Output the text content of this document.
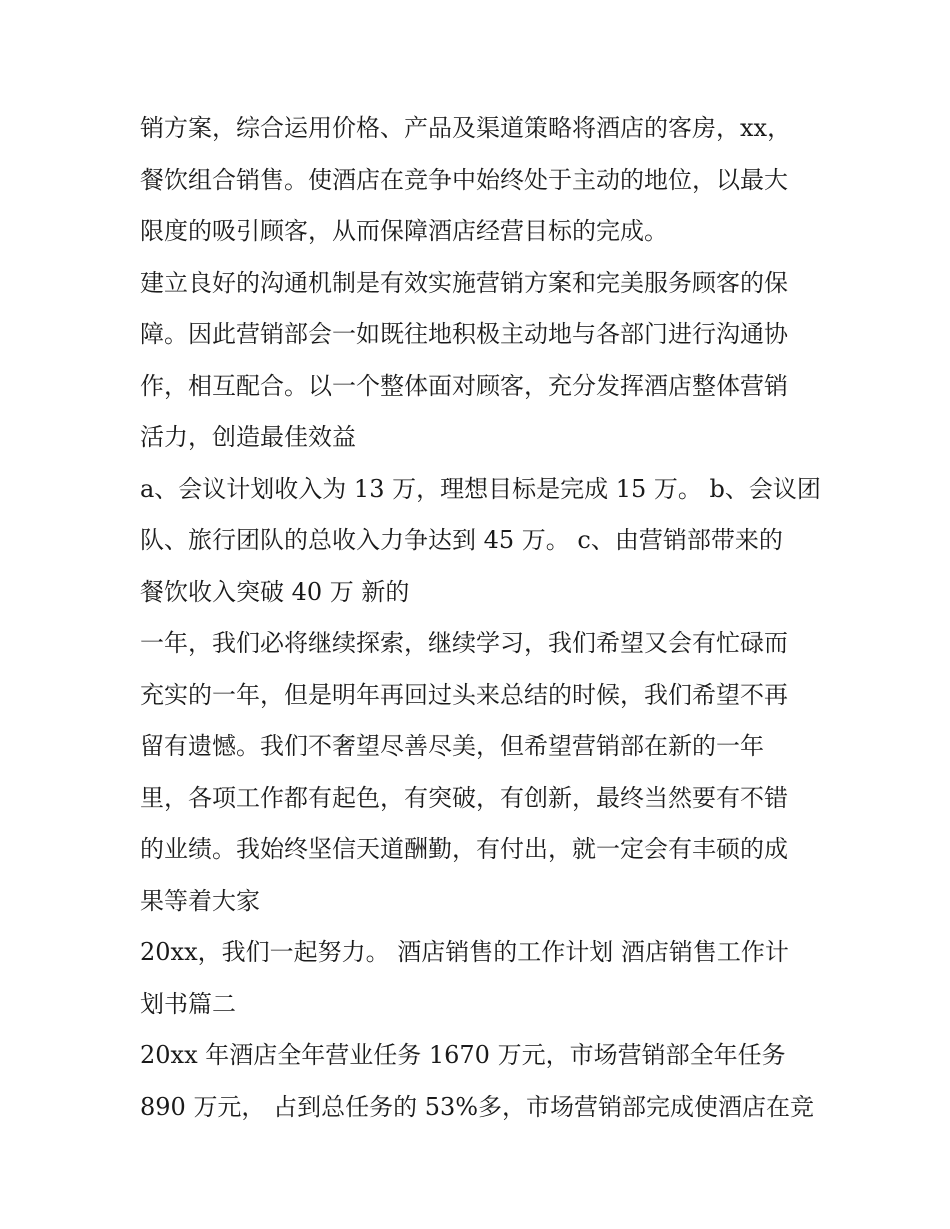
销方案，综合运用价格、产品及渠道策略将酒店的客房，xx，

餐饮组合销售。使酒店在竞争中始终处于主动的地位，以最大

限度的吸引顾客，从而保障酒店经营目标的完成。

建立良好的沟通机制是有效实施营销方案和完美服务顾客的保

障。因此营销部会一如既往地积极主动地与各部门进行沟通协

作，相互配合。以一个整体面对顾客，充分发挥酒店整体营销

活力，创造最佳效益

a、会议计划收入为 13 万，理想目标是完成 15 万。 b、会议团

队、旅行团队的总收入力争达到 45 万。 c、由营销部带来的

餐饮收入突破 40 万 新的

一年，我们必将继续探索，继续学习，我们希望又会有忙碌而

充实的一年，但是明年再回过头来总结的时候，我们希望不再

留有遗憾。我们不奢望尽善尽美，但希望营销部在新的一年

里，各项工作都有起色，有突破，有创新，最终当然要有不错

的业绩。我始终坚信天道酬勤，有付出，就一定会有丰硕的成

果等着大家

20xx，我们一起努力。 酒店销售的工作计划 酒店销售工作计

划书篇二

20xx 年酒店全年营业任务 1670 万元，市场营销部全年任务

890 万元， 占到总任务的 53%多，市场营销部完成使酒店在竞
